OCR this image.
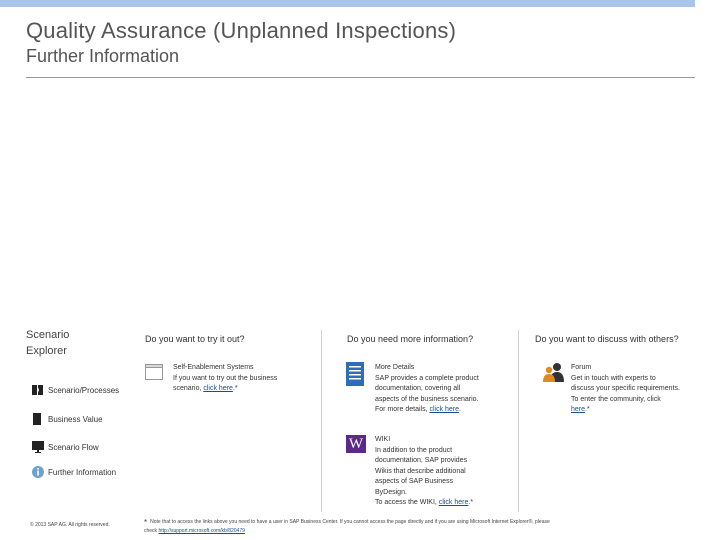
Quality Assurance (Unplanned Inspections)
Further Information
Scenario
Explorer
Scenario/Processes
Business Value
Scenario Flow
Further Information
© 2013 SAP AG. All rights reserved.
Do you want to try it out?	Do you need more information?	Do you want to discuss with others?
Self-Enablement Systems
If you want to try out the business
scenario, click here.*
More Details
SAP provides a complete product
documentation, covering all
aspects of the business scenario.
For more details, click here.
W	WIKI
In addition to the product
documentation, SAP provides
Wikis that describe additional
aspects of SAP Business
ByDesign.
To access the WIKI, click here.*
Forum
Get in touch with experts to
discuss your specific requirements.
To enter the community, click
here.*
* Note that to access the links above you need to have a user in SAP Business Center. If you cannot access the page directly and if you are using Microsoft Internet Explorer®, please
check http://support.microsoft.com/kb/820479
